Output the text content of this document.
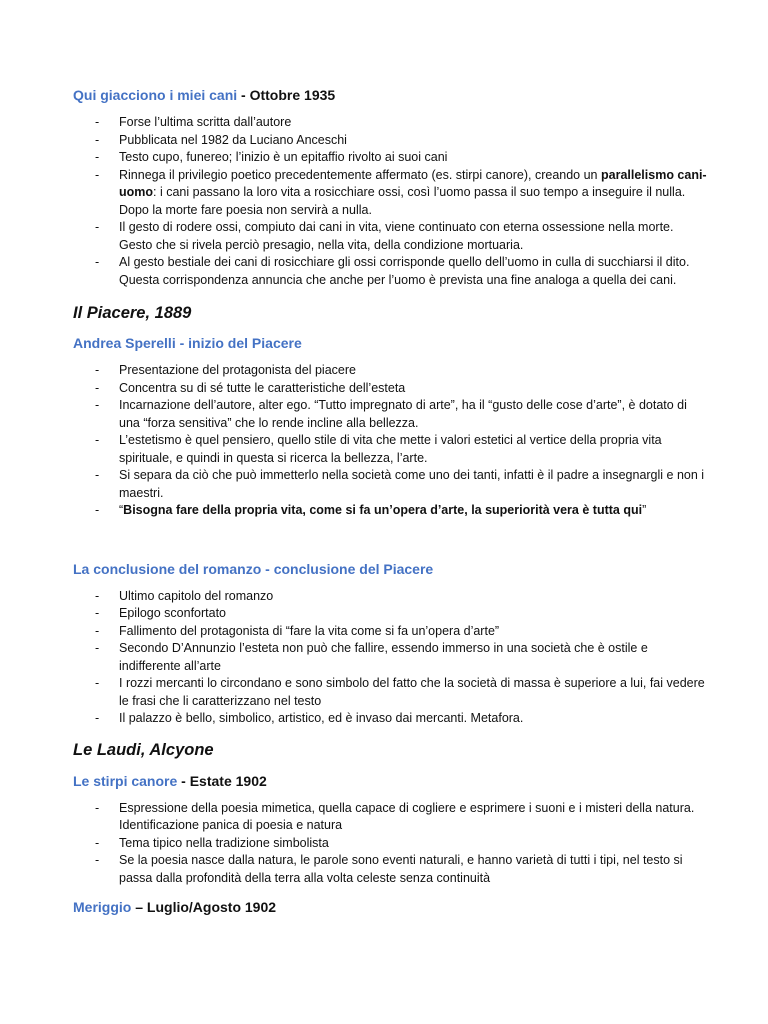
Qui giacciono i miei cani - Ottobre 1935
- Forse l’ultima scritta dall’autore
- Pubblicata nel 1982 da Luciano Anceschi
- Testo cupo, funereo; l’inizio è un epitaffio rivolto ai suoi cani
- Rinnega il privilegio poetico precedentemente affermato (es. stirpi canore), creando un parallelismo cani-uomo: i cani passano la loro vita a rosicchiare ossi, così l’uomo passa il suo tempo a inseguire il nulla. Dopo la morte fare poesia non servirà a nulla.
- Il gesto di rodere ossi, compiuto dai cani in vita, viene continuato con eterna ossessione nella morte. Gesto che si rivela perciò presagio, nella vita, della condizione mortuaria.
- Al gesto bestiale dei cani di rosicchiare gli ossi corrisponde quello dell’uomo in culla di succhiarsi il dito. Questa corrispondenza annuncia che anche per l’uomo è prevista una fine analoga a quella dei cani.
Il Piacere, 1889
Andrea Sperelli - inizio del Piacere
- Presentazione del protagonista del piacere
- Concentra su di sé tutte le caratteristiche dell’esteta
- Incarnazione dell’autore, alter ego. “Tutto impregnato di arte”, ha il “gusto delle cose d’arte”, è dotato di una “forza sensitiva” che lo rende incline alla bellezza.
- L’estetismo è quel pensiero, quello stile di vita che mette i valori estetici al vertice della propria vita spirituale, e quindi in questa si ricerca la bellezza, l’arte.
- Si separa da ciò che può immetterlo nella società come uno dei tanti, infatti è il padre a insegnargli e non i maestri.
- “Bisogna fare della propria vita, come si fa un’opera d’arte, la superiorità vera è tutta qui”
La conclusione del romanzo - conclusione del Piacere
- Ultimo capitolo del romanzo
- Epilogo sconfortato
- Fallimento del protagonista di “fare la vita come si fa un’opera d’arte”
- Secondo D’Annunzio l’esteta non può che fallire, essendo immerso in una società che è ostile e indifferente all’arte
- I rozzi mercanti lo circondano e sono simbolo del fatto che la società di massa è superiore a lui, fai vedere le frasi che li caratterizzano nel testo
- Il palazzo è bello, simbolico, artistico, ed è invaso dai mercanti. Metafora.
Le Laudi, Alcyone
Le stirpi canore - Estate 1902
- Espressione della poesia mimetica, quella capace di cogliere e esprimere i suoni e i misteri della natura. Identificazione panica di poesia e natura
- Tema tipico nella tradizione simbolista
- Se la poesia nasce dalla natura, le parole sono eventi naturali, e hanno varietà di tutti i tipi, nel testo si passa dalla profondità della terra alla volta celeste senza continuità
Meriggio – Luglio/Agosto 1902
